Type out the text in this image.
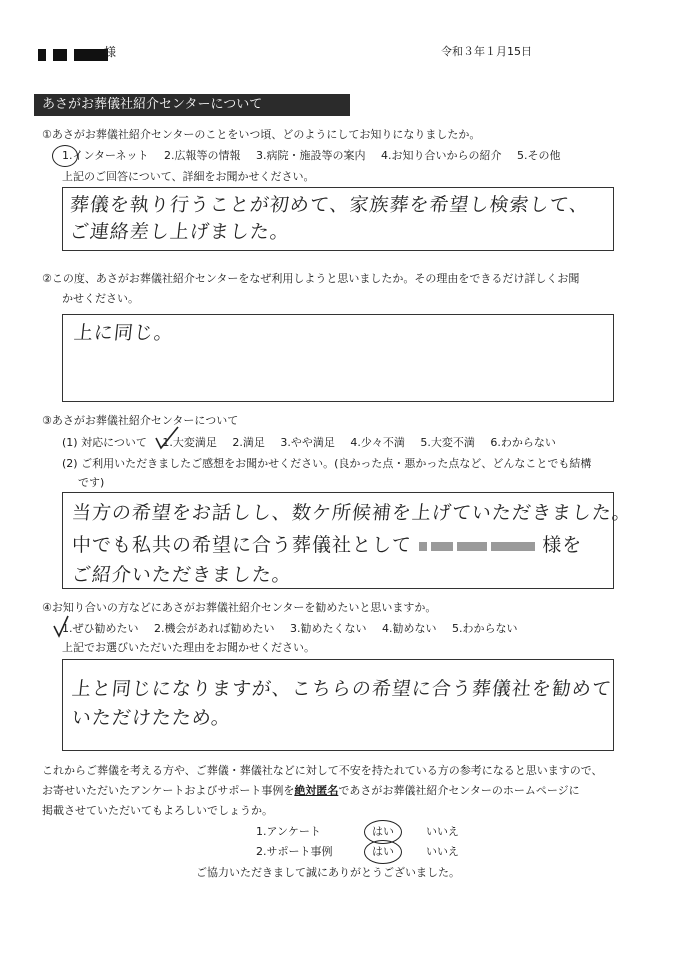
様	令和３年１月15日
あさがお葬儀社紹介センターについて
①あさがお葬儀社紹介センターのことをいつ頃、どのようにしてお知りになりましたか。
1.インターネット 2.広報等の情報 3.病院・施設等の案内 4.お知り合いからの紹介 5.その他
上記のご回答について、詳細をお聞かせください。
葬儀を執り行うことが初めて、家族葬を希望し検索して、
ご連絡差し上げました。
②この度、あさがお葬儀社紹介センターをなぜ利用しようと思いましたか。その理由をできるだけ詳しくお聞
かせください。
上に同じ。
③あさがお葬儀社紹介センターについて
(1) 対応について 1.大変満足 2.満足 3.やや満足 4.少々不満 5.大変不満 6.わからない
(2) ご利用いただきましたご感想をお聞かせください。(良かった点・悪かった点など、どんなことでも結構
です)
当方の希望をお話しし、数ケ所候補を上げていただきました。
中でも私共の希望に合う葬儀社として	様を
ご紹介いただきました。
④お知り合いの方などにあさがお葬儀社紹介センターを勧めたいと思いますか。
1.ぜひ勧めたい 2.機会があれば勧めたい 3.勧めたくない 4.勧めない 5.わからない
上記でお選びいただいた理由をお聞かせください。
上と同じになりますが、こちらの希望に合う葬儀社を勧めて
いただけたため。
これからご葬儀を考える方や、ご葬儀・葬儀社などに対して不安を持たれている方の参考になると思いますので、
お寄せいただいたアンケートおよびサポート事例を絶対匿名であさがお葬儀社紹介センターのホームページに
掲載させていただいてもよろしいでしょうか。
1.アンケート	はい	いいえ
2.サポート事例	はい	いいえ
ご協力いただきまして誠にありがとうございました。
